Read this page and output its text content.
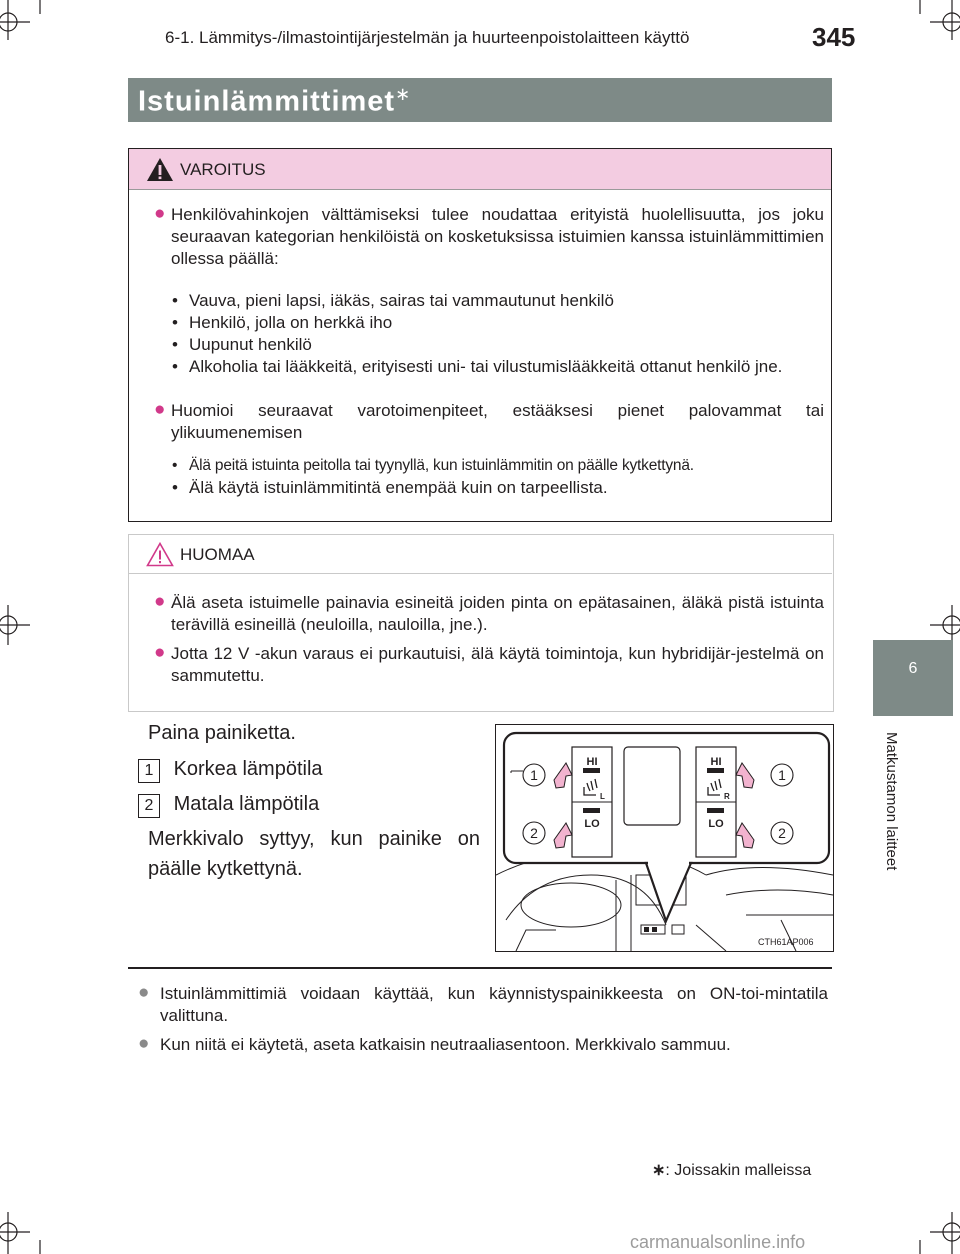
6-1. Lämmitys-/ilmastointijärjestelmän ja huurteenpoistolaitteen käyttö	345
Istuinlämmittimet∗
6
Matkustamon laitteet
VAROITUS
● Henkilövahinkojen välttämiseksi tulee noudattaa erityistä huolellisuutta, jos joku seuraavan kategorian henkilöistä on kosketuksissa istuimien kanssa istuinlämmittimien ollessa päällä:
• Vauva, pieni lapsi, iäkäs, sairas tai vammautunut henkilö
• Henkilö, jolla on herkkä iho
• Uupunut henkilö
• Alkoholia tai lääkkeitä, erityisesti uni- tai vilustumislääkkeitä ottanut henkilö jne.
● Huomioi seuraavat varotoimenpiteet, estääksesi pienet palovammat tai ylikuumenemisen
• Älä peitä istuinta peitolla tai tyynyllä, kun istuinlämmitin on päälle kytkettynä.
• Älä käytä istuinlämmitintä enempää kuin on tarpeellista.
HUOMAA
● Älä aseta istuimelle painavia esineitä joiden pinta on epätasainen, äläkä pistä istuinta terävillä esineillä (neuloilla, nauloilla, jne.).
● Jotta 12 V -akun varaus ei purkautuisi, älä käytä toimintoja, kun hybridijär-jestelmä on sammutettu.
Paina painiketta.
1 Korkea lämpötila
2 Matala lämpötila
Merkkivalo syttyy, kun painike on
päälle kytkettynä.
HI
LO
HI
LO
L	R
1
2
1
2
CTH61AP006
● Istuinlämmittimiä voidaan käyttää, kun käynnistyspainikkeesta on ON-toi-mintatila valittuna.
● Kun niitä ei käytetä, aseta katkaisin neutraaliasentoon. Merkkivalo sammuu.
∗: Joissakin malleissa
carmanualsonline.info
